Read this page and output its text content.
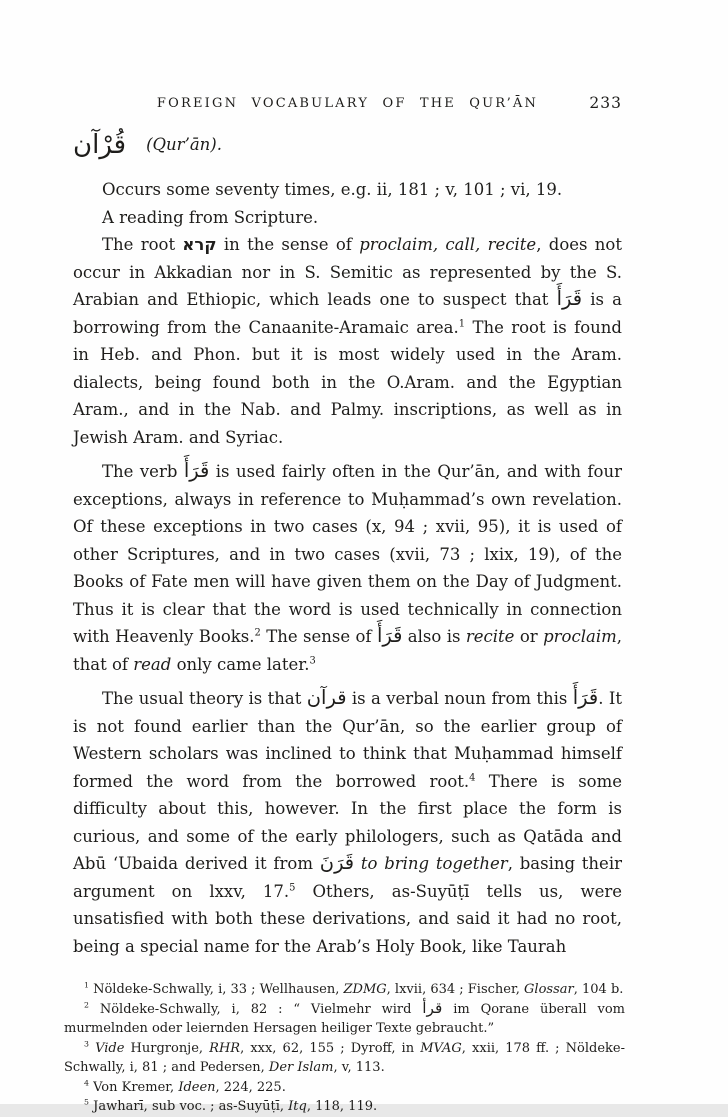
FOREIGN VOCABULARY OF THE QUR’ĀN	233
قُرْآن (Qur’ān).

Occurs some seventy times, e.g. ii, 181 ; v, 101 ; vi, 19.

A reading from Scripture.

The root קרא in the sense of proclaim, call, recite, does not occur in Akkadian nor in S. Semitic as represented by the S. Arabian and Ethiopic, which leads one to suspect that قَرَأَ is a borrowing from the Canaanite-Aramaic area.$^1$ The root is found in Heb. and Phon. but it is most widely used in the Aram. dialects, being found both in the O.Aram. and the Egyptian Aram., and in the Nab. and Palmy. inscriptions, as well as in Jewish Aram. and Syriac.

The verb قَرَأَ is used fairly often in the Qur’ān, and with four exceptions, always in reference to Muḥammad’s own revelation. Of these exceptions in two cases (x, 94 ; xvii, 95), it is used of other Scriptures, and in two cases (xvii, 73 ; lxix, 19), of the Books of Fate men will have given them on the Day of Judgment. Thus it is clear that the word is used technically in connection with Heavenly Books.$^2$ The sense of قَرَأَ also is recite or proclaim, that of read only came later.$^3$

The usual theory is that قرآن is a verbal noun from this قَرَأَ. It is not found earlier than the Qur’ān, so the earlier group of Western scholars was inclined to think that Muḥammad himself formed the word from the borrowed root.$^4$ There is some difficulty about this, however. In the first place the form is curious, and some of the early philologers, such as Qatāda and Abū ‘Ubaida derived it from قَرَنَ to bring together, basing their argument on lxxv, 17.$^5$ Others, as-Suyūṭī tells us, were unsatisfied with both these derivations, and said it had no root, being a special name for the Arab’s Holy Book, like Taurah

$^1$ Nöldeke-Schwally, i, 33 ; Wellhausen, ZDMG, lxvii, 634 ; Fischer, Glossar, 104 b.

$^2$ Nöldeke-Schwally, i, 82 : “ Vielmehr wird قرأ im Qorane überall vom murmelnden oder leiernden Hersagen heiliger Texte gebraucht.”

$^3$ Vide Hurgronje, RHR, xxx, 62, 155 ; Dyroff, in MVAG, xxii, 178 ff. ; Nöldeke-Schwally, i, 81 ; and Pedersen, Der Islam, v, 113.

$^4$ Von Kremer, Ideen, 224, 225.

$^5$ Jawharī, sub voc. ; as-Suyūṭī, Itq, 118, 119.
